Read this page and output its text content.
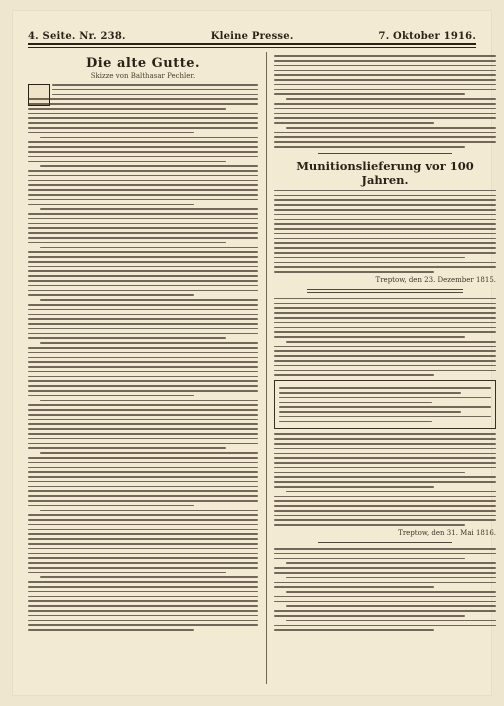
4. Seite. Nr. 238.	Kleine Presse.	7. Oktober 1916.
Die alte Gutte.
Skizze von Balthasar Pechler.
Munitionslieferung vor 100 Jahren.
Treptow, den 23. Dezember 1815.
Treptow, den 31. Mai 1816.
